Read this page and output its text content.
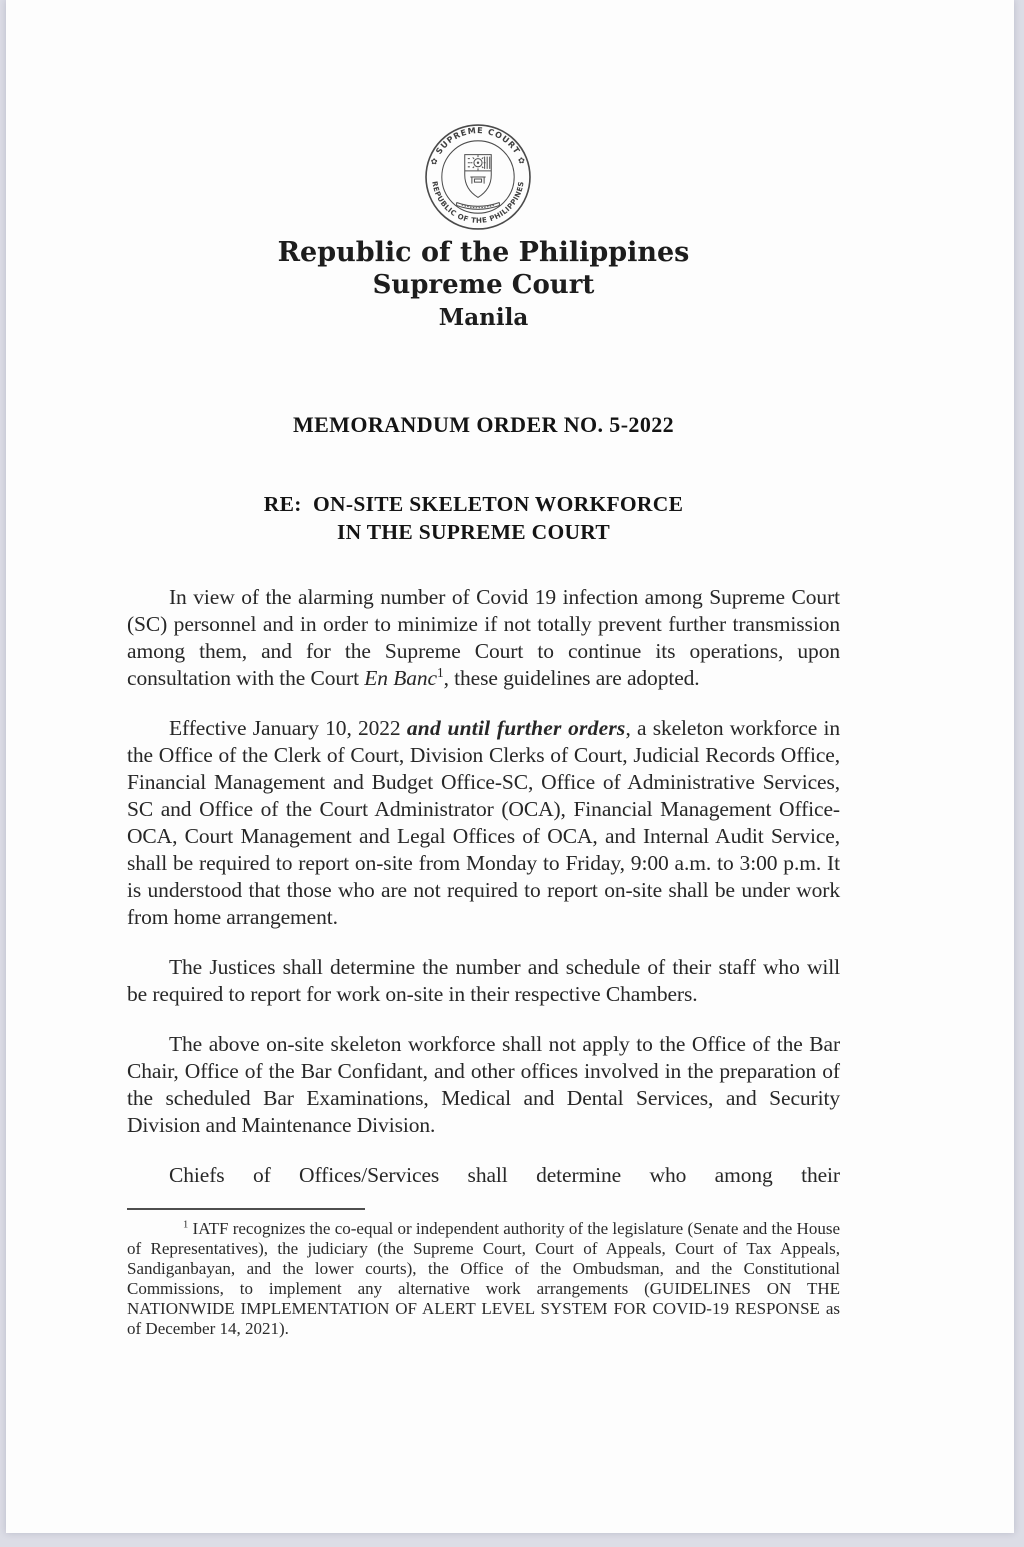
✿ SUPREME COURT ✿
REPUBLIC OF THE PHILIPPINES
Republic of the Philippines
Supreme Court
Manila
MEMORANDUM ORDER NO. 5-2022
RE:  ON-SITE SKELETON WORKFORCE
IN THE SUPREME COURT

In view of the alarming number of Covid 19 infection among Supreme Court (SC) personnel and in order to minimize if not totally prevent further transmission among them, and for the Supreme Court to continue its operations, upon consultation with the Court En Banc$^1$, these guidelines are adopted.

Effective January 10, 2022 and until further orders, a skeleton workforce in the Office of the Clerk of Court, Division Clerks of Court, Judicial Records Office, Financial Management and Budget Office-SC, Office of Administrative Services, SC and Office of the Court Administrator (OCA), Financial Management Office-OCA, Court Management and Legal Offices of OCA, and Internal Audit Service, shall be required to report on-site from Monday to Friday, 9:00 a.m. to 3:00 p.m. It is understood that those who are not required to report on-site shall be under work from home arrangement.

The Justices shall determine the number and schedule of their staff who will be required to report for work on-site in their respective Chambers.

The above on-site skeleton workforce shall not apply to the Office of the Bar Chair, Office of the Bar Confidant, and other offices involved in the preparation of the scheduled Bar Examinations, Medical and Dental Services, and Security Division and Maintenance Division.

Chiefs of Offices/Services shall determine who among their

$^1$ IATF recognizes the co-equal or independent authority of the legislature (Senate and the House of Representatives), the judiciary (the Supreme Court, Court of Appeals, Court of Tax Appeals, Sandiganbayan, and the lower courts), the Office of the Ombudsman, and the Constitutional Commissions, to implement any alternative work arrangements (GUIDELINES ON THE NATIONWIDE IMPLEMENTATION OF ALERT LEVEL SYSTEM FOR COVID-19 RESPONSE as of December 14, 2021).
